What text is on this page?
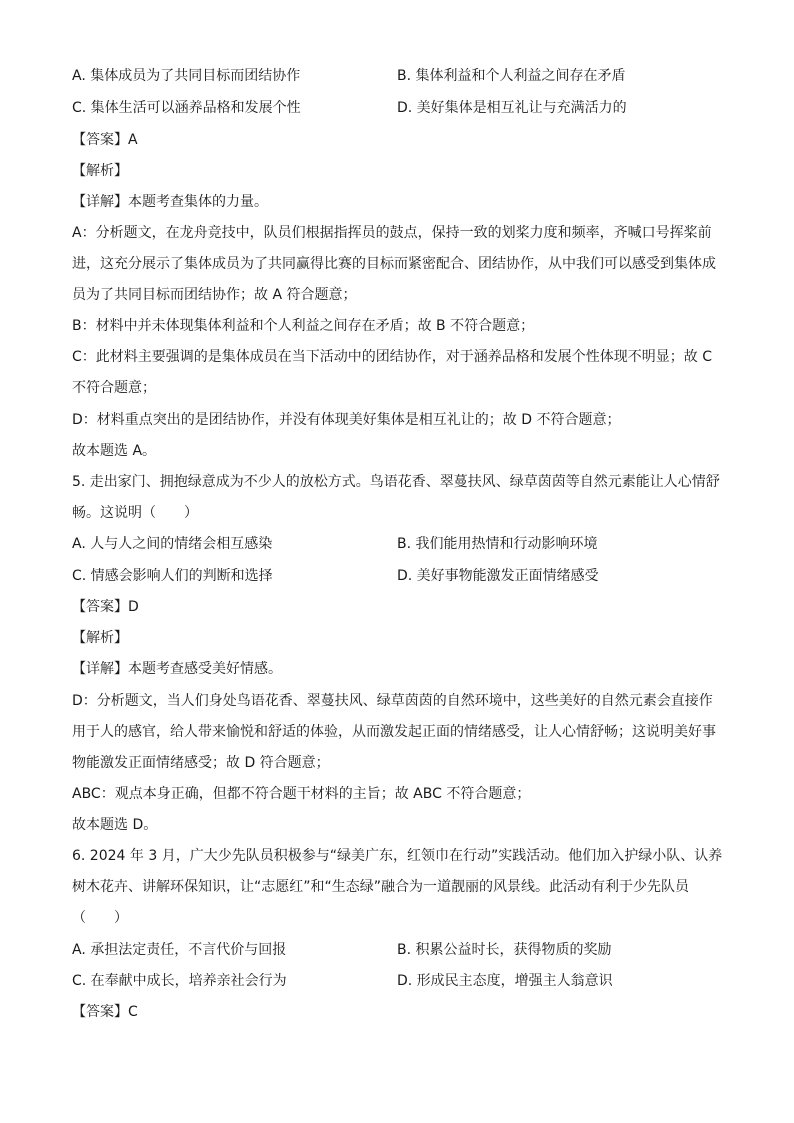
A. 集体成员为了共同目标而团结协作	B. 集体利益和个人利益之间存在矛盾
C. 集体生活可以涵养品格和发展个性	D. 美好集体是相互礼让与充满活力的
【答案】A
【解析】
【详解】本题考查集体的力量。
A：分析题文，在龙舟竞技中，队员们根据指挥员的鼓点，保持一致的划桨力度和频率，齐喊口号挥桨前
进，这充分展示了集体成员为了共同赢得比赛的目标而紧密配合、团结协作，从中我们可以感受到集体成
员为了共同目标而团结协作；故 A 符合题意；
B：材料中并未体现集体利益和个人利益之间存在矛盾；故 B 不符合题意；
C：此材料主要强调的是集体成员在当下活动中的团结协作，对于涵养品格和发展个性体现不明显；故 C
不符合题意；
D：材料重点突出的是团结协作，并没有体现美好集体是相互礼让的；故 D 不符合题意；
故本题选 A。
5. 走出家门、拥抱绿意成为不少人的放松方式。鸟语花香、翠蔓扶风、绿草茵茵等自然元素能让人心情舒
畅。这说明（　　）
A. 人与人之间的情绪会相互感染	B. 我们能用热情和行动影响环境
C. 情感会影响人们的判断和选择	D. 美好事物能激发正面情绪感受
【答案】D
【解析】
【详解】本题考查感受美好情感。
D：分析题文，当人们身处鸟语花香、翠蔓扶风、绿草茵茵的自然环境中，这些美好的自然元素会直接作
用于人的感官，给人带来愉悦和舒适的体验，从而激发起正面的情绪感受，让人心情舒畅；这说明美好事
物能激发正面情绪感受；故 D 符合题意；
ABC：观点本身正确，但都不符合题干材料的主旨；故 ABC 不符合题意；
故本题选 D。
6. 2024 年 3 月，广大少先队员积极参与“绿美广东，红领巾在行动”实践活动。他们加入护绿小队、认养
树木花卉、讲解环保知识，让“志愿红”和“生态绿”融合为一道靓丽的风景线。此活动有利于少先队员
（　　）
A. 承担法定责任，不言代价与回报	B. 积累公益时长，获得物质的奖励
C. 在奉献中成长，培养亲社会行为	D. 形成民主态度，增强主人翁意识
【答案】C
